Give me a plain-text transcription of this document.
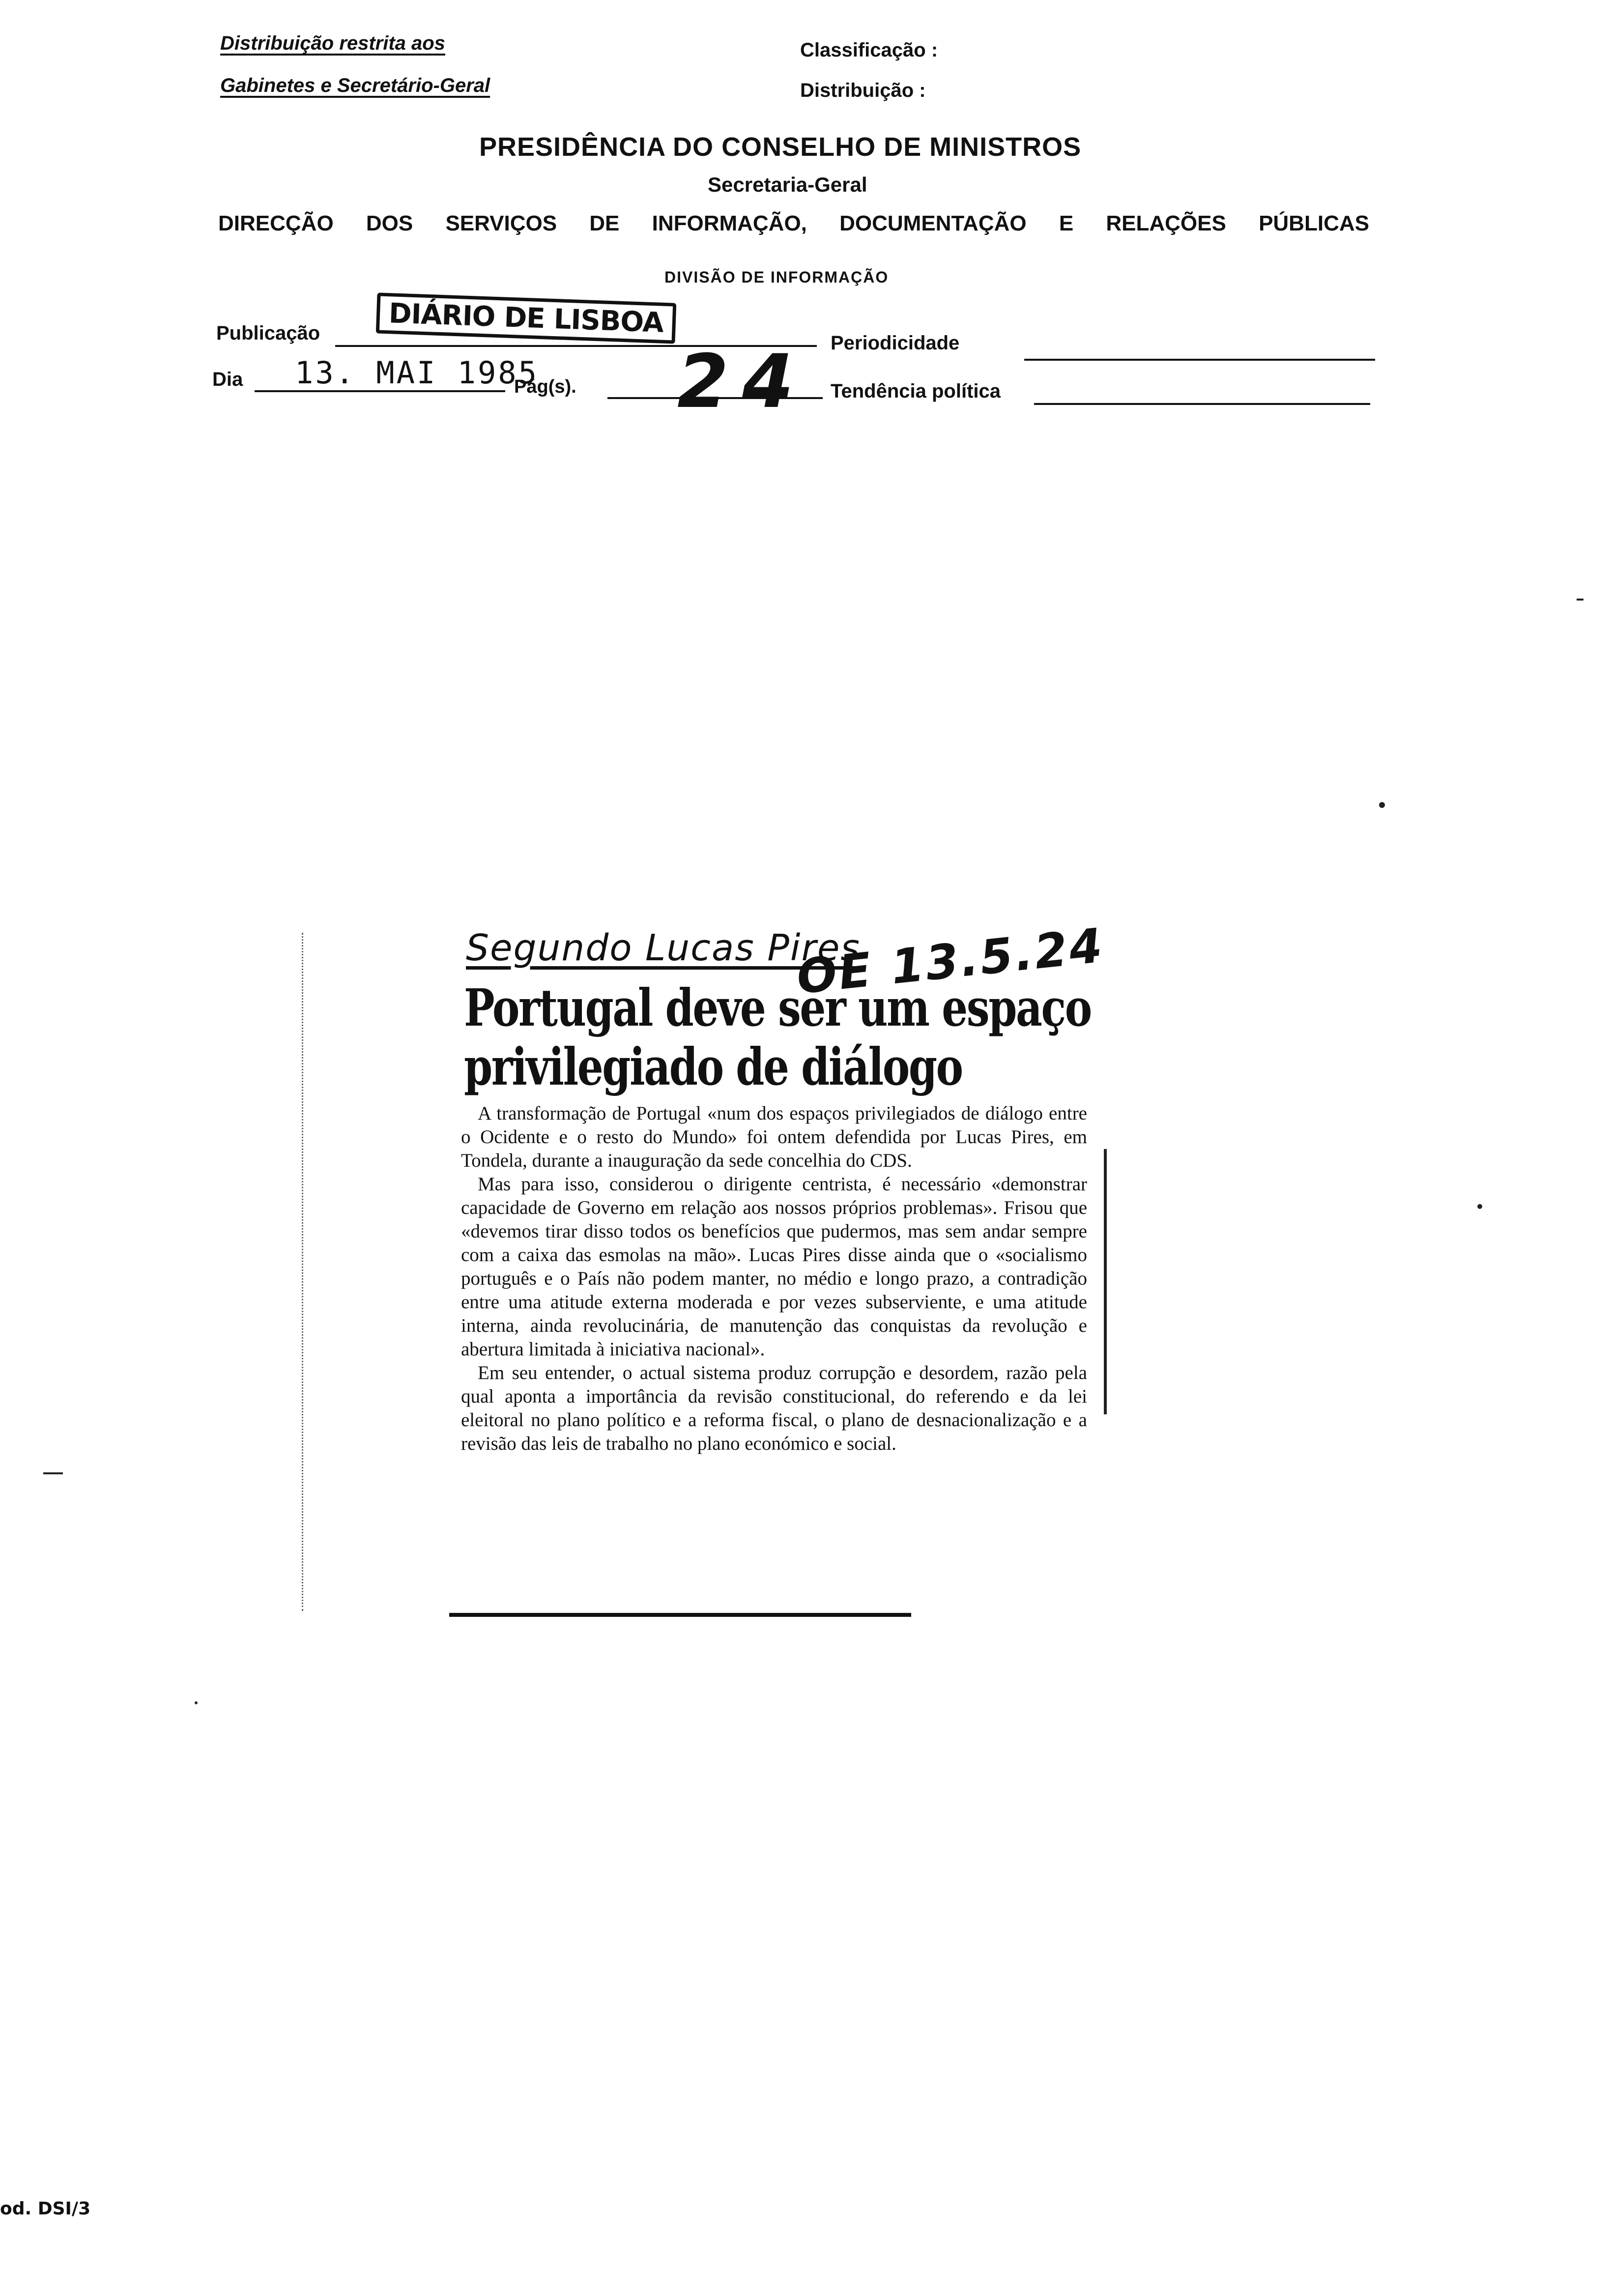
Distribuição restrita aos
Gabinetes e Secretário-Geral
Classificação :
Distribuição :
PRESIDÊNCIA DO CONSELHO DE MINISTROS
Secretaria-Geral
DIRECÇÃO DOS SERVIÇOS DE INFORMAÇÃO, DOCUMENTAÇÃO E RELAÇÕES PÚBLICAS
DIVISÃO DE INFORMAÇÃO
Publicação	DIÁRIO DE LISBOA
Periodicidade
Dia 13. MAI 1985
Pág(s). 24 Tendência política
Segundo Lucas Pires
Portugal deve ser um espaço
privilegiado de diálogo
OE 13.5.24

A transformação de Portugal «num dos espaços privilegiados de diálogo entre o Ocidente e o resto do Mundo» foi ontem defendida por Lucas Pires, em Tondela, durante a inauguração da sede concelhia do CDS.

Mas para isso, considerou o dirigente centrista, é necessário «demonstrar capacidade de Governo em relação aos nossos próprios problemas». Frisou que «devemos tirar disso todos os benefícios que pudermos, mas sem andar sempre com a caixa das esmolas na mão». Lucas Pires disse ainda que o «socialismo português e o País não podem manter, no médio e longo prazo, a contradição entre uma atitude externa moderada e por vezes subserviente, e uma atitude interna, ainda revolucinária, de manutenção das conquistas da revolução e abertura limitada à iniciativa nacional».

Em seu entender, o actual sistema produz corrupção e desordem, razão pela qual aponta a importância da revisão constitucional, do referendo e da lei eleitoral no plano político e a reforma fiscal, o plano de desnacionalização e a revisão das leis de trabalho no plano económico e social.

od. DSI/3
